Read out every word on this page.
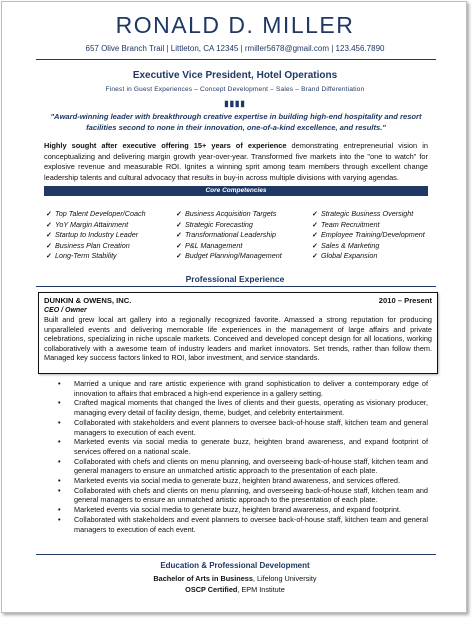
RONALD D. MILLER
657 Olive Branch Trail | Littleton, CA 12345 | rmiller5678@gmail.com | 123.456.7890
Executive Vice President, Hotel Operations
Finest in Guest Experiences – Concept Development – Sales – Brand Differentiation
▮▮▮▮
"Award-winning leader with breakthrough creative expertise in building high-end hospitality and resort facilities second to none in their innovation, one-of-a-kind excellence, and results."
Highly sought after executive offering 15+ years of experience demonstrating entrepreneurial vision in conceptualizing and delivering margin growth year-over-year. Transformed five markets into the "one to watch" for explosive revenue and measurable ROI. Ignites a winning sprit among team members through excellent change leadership talents and cultural advocacy that results in buy-in across multiple divisions with varying agendas.
Core Competencies
✓ Top Talent Developer/Coach	✓ Business Acquisition Targets	✓ Strategic Business Oversight
✓ YoY Margin Attainment	✓ Strategic Forecasting	✓ Team Recruitment
✓ Startup to Industry Leader	✓ Transformational Leadership	✓ Employee Training/Development
✓ Business Plan Creation	✓ P&L Management	✓ Sales & Marketing
✓ Long-Term Stability	✓ Budget Planning/Management	✓ Global Expansion
Professional Experience
DUNKIN & OWENS, INC.	2010 – Present
CEO / Owner
Built and grew local art gallery into a regionally recognized favorite. Amassed a strong reputation for producing unparalleled events and delivering memorable life experiences in the management of large affairs and private celebrations, specializing in niche upscale markets. Conceived and developed concept design for all locations, working collaboratively with a awesome team of industry leaders and market innovators. Set trends, rather than follow them. Managed key success factors linked to ROI, labor investment, and service standards.
• Married a unique and rare artistic experience with grand sophistication to deliver a contemporary edge of innovation to affairs that embraced a high-end experience in a gallery setting.
• Crafted magical moments that changed the lives of clients and their guests, operating as visionary producer, managing every detail of facility design, theme, budget, and celebrity entertainment.
• Collaborated with stakeholders and event planners to oversee back-of-house staff, kitchen team and general managers to execution of each event.
• Marketed events via social media to generate buzz, heighten brand awareness, and expand footprint of services offered on a national scale.
• Collaborated with chefs and clients on menu planning, and overseeing back-of-house staff, kitchen team and general managers to ensure an unmatched artistic approach to the presentation of each plate.
• Marketed events via social media to generate buzz, heighten brand awareness, and services offered.
• Collaborated with chefs and clients on menu planning, and overseeing back-of-house staff, kitchen team and general managers to ensure an unmatched artistic approach to the presentation of each plate.
• Marketed events via social media to generate buzz, heighten brand awareness, and expand footprint.
• Collaborated with stakeholders and event planners to oversee back-of-house staff, kitchen team and general managers to execution of each event.
Education & Professional Development
Bachelor of Arts in Business, Lifelong University
OSCP Certified, EPM Institute
